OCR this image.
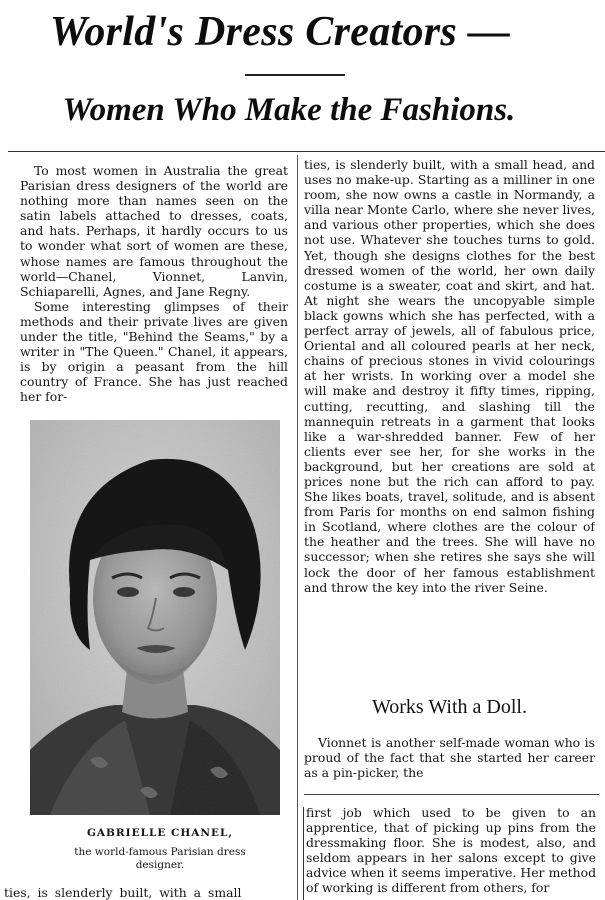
World's Dress Creators —
Women Who Make the Fashions.

To most women in Australia the great Parisian dress designers of the world are nothing more than names seen on the satin labels attached to dresses, coats, and hats. Perhaps, it hardly occurs to us to wonder what sort of women are these, whose names are famous throughout the world—Chanel, Vionnet, Lanvin, Schiaparelli, Agnes, and Jane Regny.

Some interesting glimpses of their methods and their private lives are given under the title, "Behind the Seams," by a writer in "The Queen." Chanel, it appears, is by origin a peasant from the hill country of France. She has just reached her for-

GABRIELLE CHANEL,
the world-famous Parisian dress
designer.
ties, is slenderly built, with a small

ties, is slenderly built, with a small head, and uses no make-up. Starting as a milliner in one room, she now owns a castle in Normandy, a villa near Monte Carlo, where she never lives, and various other properties, which she does not use. Whatever she touches turns to gold. Yet, though she designs clothes for the best dressed women of the world, her own daily costume is a sweater, coat and skirt, and hat. At night she wears the uncopyable simple black gowns which she has perfected, with a perfect array of jewels, all of fabulous price, Oriental and all coloured pearls at her neck, chains of precious stones in vivid colourings at her wrists. In working over a model she will make and destroy it fifty times, ripping, cutting, recutting, and slashing till the mannequin retreats in a garment that looks like a war-shredded banner. Few of her clients ever see her, for she works in the background, but her creations are sold at prices none but the rich can afford to pay. She likes boats, travel, solitude, and is absent from Paris for months on end salmon fishing in Scotland, where clothes are the colour of the heather and the trees. She will have no successor; when she retires she says she will lock the door of her famous establishment and throw the key into the river Seine.

Works With a Doll.

Vionnet is another self-made woman who is proud of the fact that she started her career as a pin-picker, the

first job which used to be given to an apprentice, that of picking up pins from the dressmaking floor. She is modest, also, and seldom appears in her salons except to give advice when it seems imperative. Her method of working is different from others, for
